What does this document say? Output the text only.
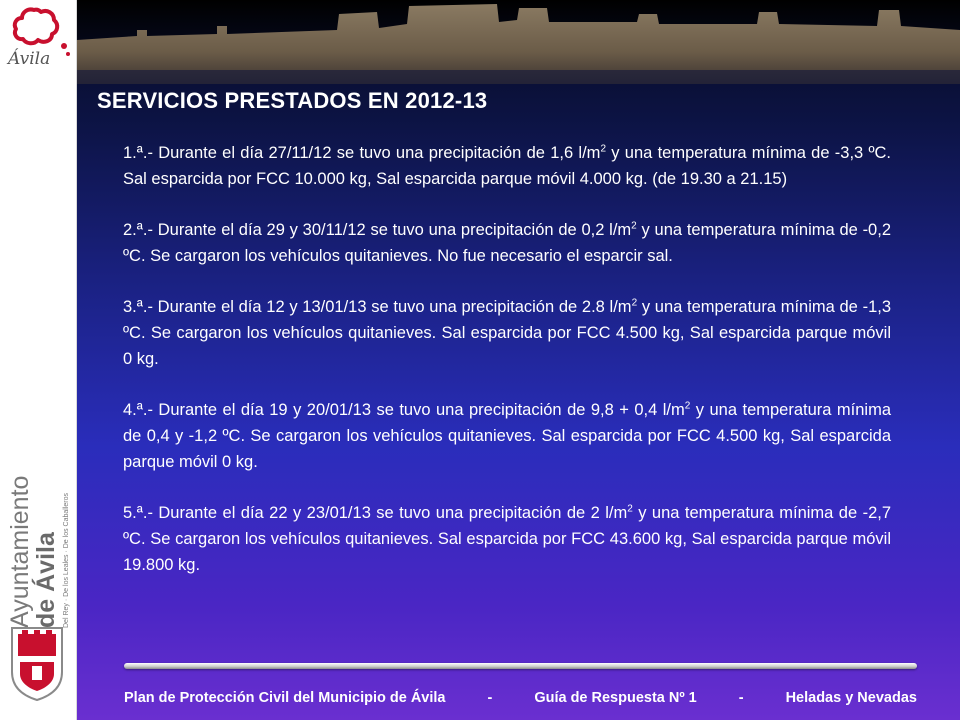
Ávila
Ayuntamiento
de Ávila Del Rey · De los Leales · De los Caballeros
SERVICIOS PRESTADOS EN 2012-13

1.ª.- Durante el día 27/11/12 se tuvo una precipitación de 1,6 $l/m^2$ y una temperatura mínima de -3,3 ºC. Sal esparcida por FCC 10.000 kg, Sal esparcida parque móvil 4.000 kg. (de 19.30 a 21.15)

2.ª.- Durante el día 29 y 30/11/12 se tuvo una precipitación de 0,2 $l/m^2$ y una temperatura mínima de -0,2 ºC. Se cargaron los vehículos quitanieves. No fue necesario el esparcir sal.

3.ª.- Durante el día 12 y 13/01/13 se tuvo una precipitación de 2.8 $l/m^2$ y una temperatura mínima de -1,3 ºC. Se cargaron los vehículos quitanieves. Sal esparcida por FCC 4.500 kg, Sal esparcida parque móvil 0 kg.

4.ª.- Durante el día 19 y 20/01/13 se tuvo una precipitación de 9,8 + 0,4 $l/m^2$ y una temperatura mínima de 0,4 y -1,2 ºC. Se cargaron los vehículos quitanieves. Sal esparcida por FCC 4.500 kg, Sal esparcida parque móvil 0 kg.

5.ª.- Durante el día 22 y 23/01/13 se tuvo una precipitación de 2 $l/m^2$ y una temperatura mínima de -2,7 ºC. Se cargaron los vehículos quitanieves. Sal esparcida por FCC 43.600 kg, Sal esparcida parque móvil 19.800 kg.

Plan de Protección Civil del Municipio de Ávila	-	Guía de Respuesta Nº 1	-	Heladas y Nevadas
